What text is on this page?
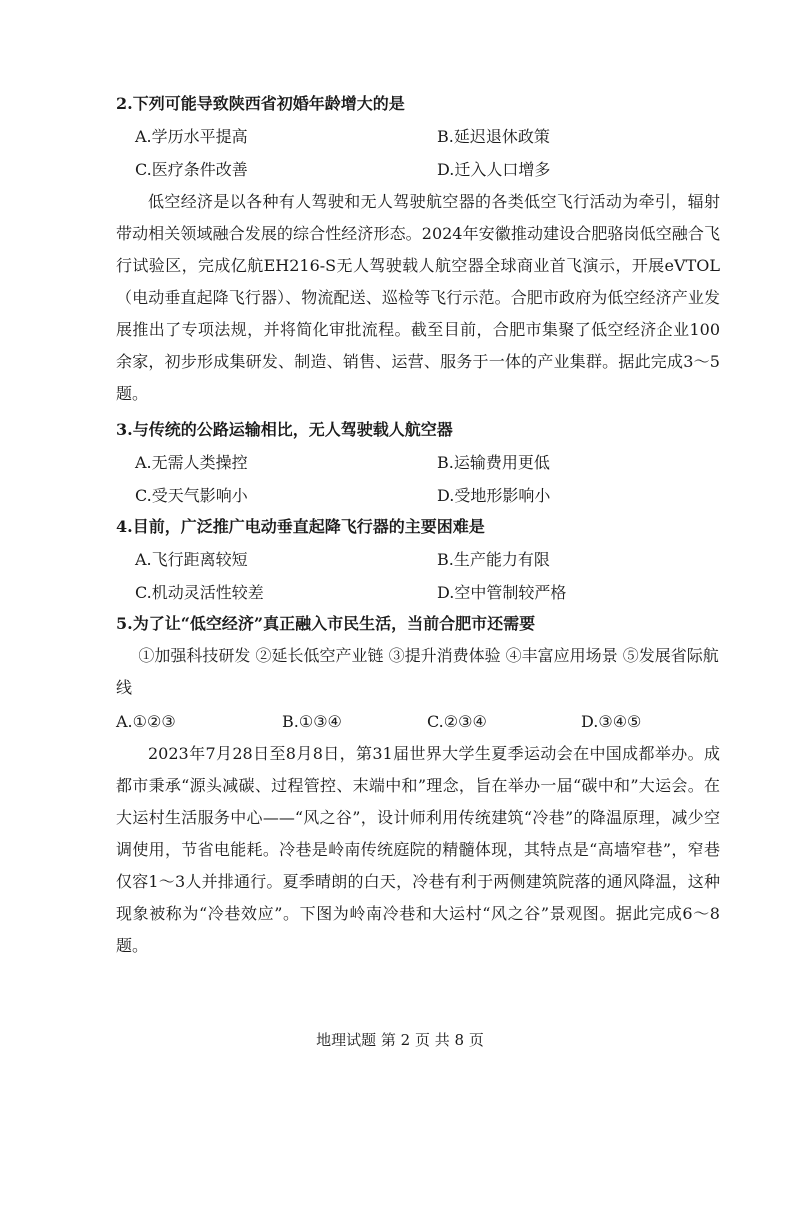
2.下列可能导致陕西省初婚年龄增大的是
A.学历水平提高	B.延迟退休政策
C.医疗条件改善	D.迁入人口增多
低空经济是以各种有人驾驶和无人驾驶航空器的各类低空飞行活动为牵引，辐射带动相关领域融合发展的综合性经济形态。2024年安徽推动建设合肥骆岗低空融合飞行试验区，完成亿航EH216-S无人驾驶载人航空器全球商业首飞演示，开展eVTOL（电动垂直起降飞行器）、物流配送、巡检等飞行示范。合肥市政府为低空经济产业发展推出了专项法规，并将简化审批流程。截至目前，合肥市集聚了低空经济企业100余家，初步形成集研发、制造、销售、运营、服务于一体的产业集群。据此完成3～5题。
3.与传统的公路运输相比，无人驾驶载人航空器
A.无需人类操控	B.运输费用更低
C.受天气影响小	D.受地形影响小
4.目前，广泛推广电动垂直起降飞行器的主要困难是
A.飞行距离较短	B.生产能力有限
C.机动灵活性较差	D.空中管制较严格
5.为了让“低空经济”真正融入市民生活，当前合肥市还需要
①加强科技研发 ②延长低空产业链 ③提升消费体验 ④丰富应用场景 ⑤发展省际航线
A.①②③	B.①③④	C.②③④	D.③④⑤
2023年7月28日至8月8日，第31届世界大学生夏季运动会在中国成都举办。成都市秉承“源头减碳、过程管控、末端中和”理念，旨在举办一届“碳中和”大运会。在大运村生活服务中心——“风之谷”，设计师利用传统建筑“冷巷”的降温原理，减少空调使用，节省电能耗。冷巷是岭南传统庭院的精髓体现，其特点是“高墙窄巷”，窄巷仅容1～3人并排通行。夏季晴朗的白天，冷巷有利于两侧建筑院落的通风降温，这种现象被称为“冷巷效应”。下图为岭南冷巷和大运村“风之谷”景观图。据此完成6～8题。
地理试题 第 2 页 共 8 页
